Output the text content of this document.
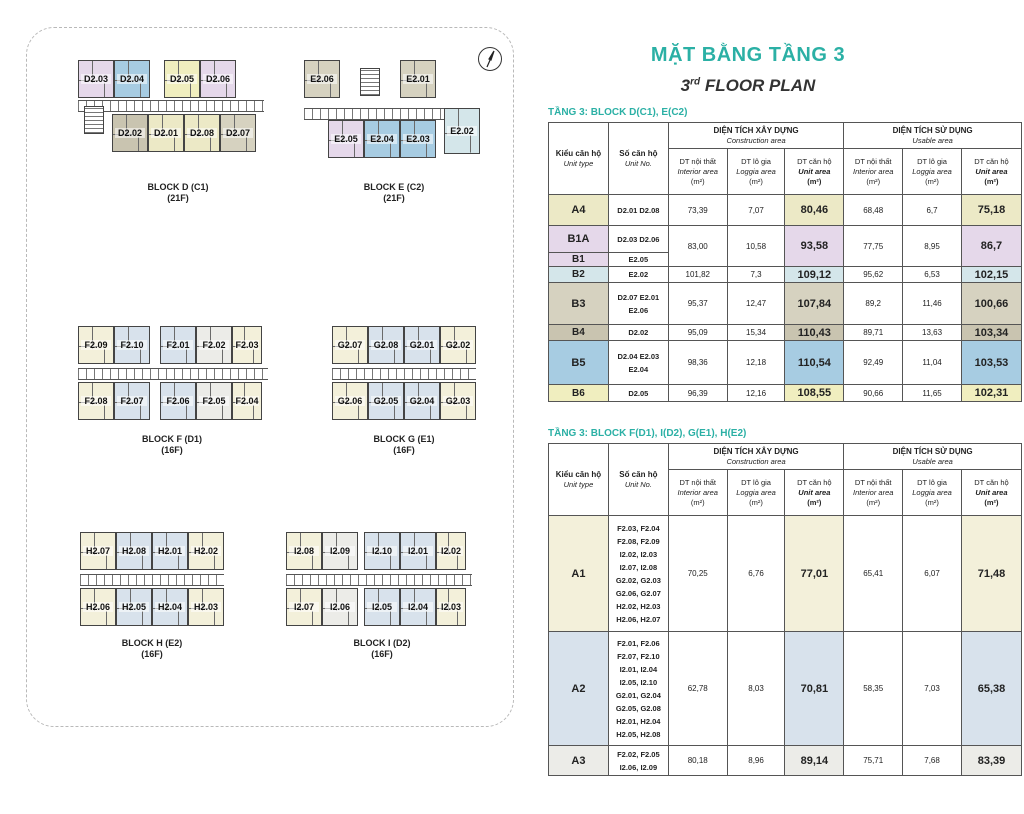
D2.03	D2.04	D2.05	D2.06
D2.02	D2.01	D2.08	D2.07
BLOCK D (C1)
(21F)
E2.06	E2.01
E2.05	E2.04	E2.03
E2.02
BLOCK E (C2)
(21F)
F2.09	F2.10	F2.01	F2.02	F2.03
F2.08	F2.07	F2.06	F2.05	F2.04
BLOCK F (D1)
(16F)
G2.07	G2.08	G2.01	G2.02
G2.06	G2.05	G2.04	G2.03
BLOCK G (E1)
(16F)
H2.07	H2.08	H2.01	H2.02
H2.06	H2.05	H2.04	H2.03
BLOCK H (E2)
(16F)
I2.08	I2.09	I2.10	I2.01	I2.02
I2.07	I2.06	I2.05	I2.04	I2.03
BLOCK I (D2)
(16F)
MẶT BẰNG TẦNG 3
3rd FLOOR PLAN
TẦNG 3: BLOCK D(C1), E(C2)
Kiểu căn hộ
Unit type	Số căn hộ
Unit No.	DIỆN TÍCH XÂY DỰNG
Construction area			DIỆN TÍCH SỬ DỤNG
Usable area		

		DT nội thất
Interior area
(m²)	DT lô gia
Loggia area
(m²)	DT căn hộ
Unit area
(m²)	DT nội thất
Interior area
(m²)	DT lô gia
Loggia area
(m²)	DT căn hộ
Unit area
(m²)

A4	D2.01 D2.08	73,39	7,07	80,46	68,48	6,7	75,18
B1A	D2.03 D2.06	83,00	10,58	93,58	77,75	8,95	86,7
B1	E2.05						
B2	E2.02	101,82	7,3	109,12	95,62	6,53	102,15
B3	D2.07 E2.01 E2.06	95,37	12,47	107,84	89,2	11,46	100,66
B4	D2.02	95,09	15,34	110,43	89,71	13,63	103,34
B5	D2.04 E2.03 E2.04	98,36	12,18	110,54	92,49	11,04	103,53
B6	D2.05	96,39	12,16	108,55	90,66	11,65	102,31
TẦNG 3: BLOCK F(D1), I(D2), G(E1), H(E2)
Kiểu căn hộ
Unit type	Số căn hộ
Unit No.	DIỆN TÍCH XÂY DỰNG
Construction area			DIỆN TÍCH SỬ DỤNG
Usable area		

		DT nội thất
Interior area
(m²)	DT lô gia
Loggia area
(m²)	DT căn hộ
Unit area
(m²)	DT nội thất
Interior area
(m²)	DT lô gia
Loggia area
(m²)	DT căn hộ
Unit area
(m²)

A1	F2.03, F2.04 F2.08, F2.09 I2.02, I2.03 I2.07, I2.08 G2.02, G2.03 G2.06, G2.07 H2.02, H2.03 H2.06, H2.07	70,25	6,76	77,01	65,41	6,07	71,48
A2	F2.01, F2.06 F2.07, F2.10 I2.01, I2.04 I2.05, I2.10 G2.01, G2.04 G2.05, G2.08 H2.01, H2.04 H2.05, H2.08	62,78	8,03	70,81	58,35	7,03	65,38
A3	F2.02, F2.05 I2.06, I2.09	80,18	8,96	89,14	75,71	7,68	83,39
